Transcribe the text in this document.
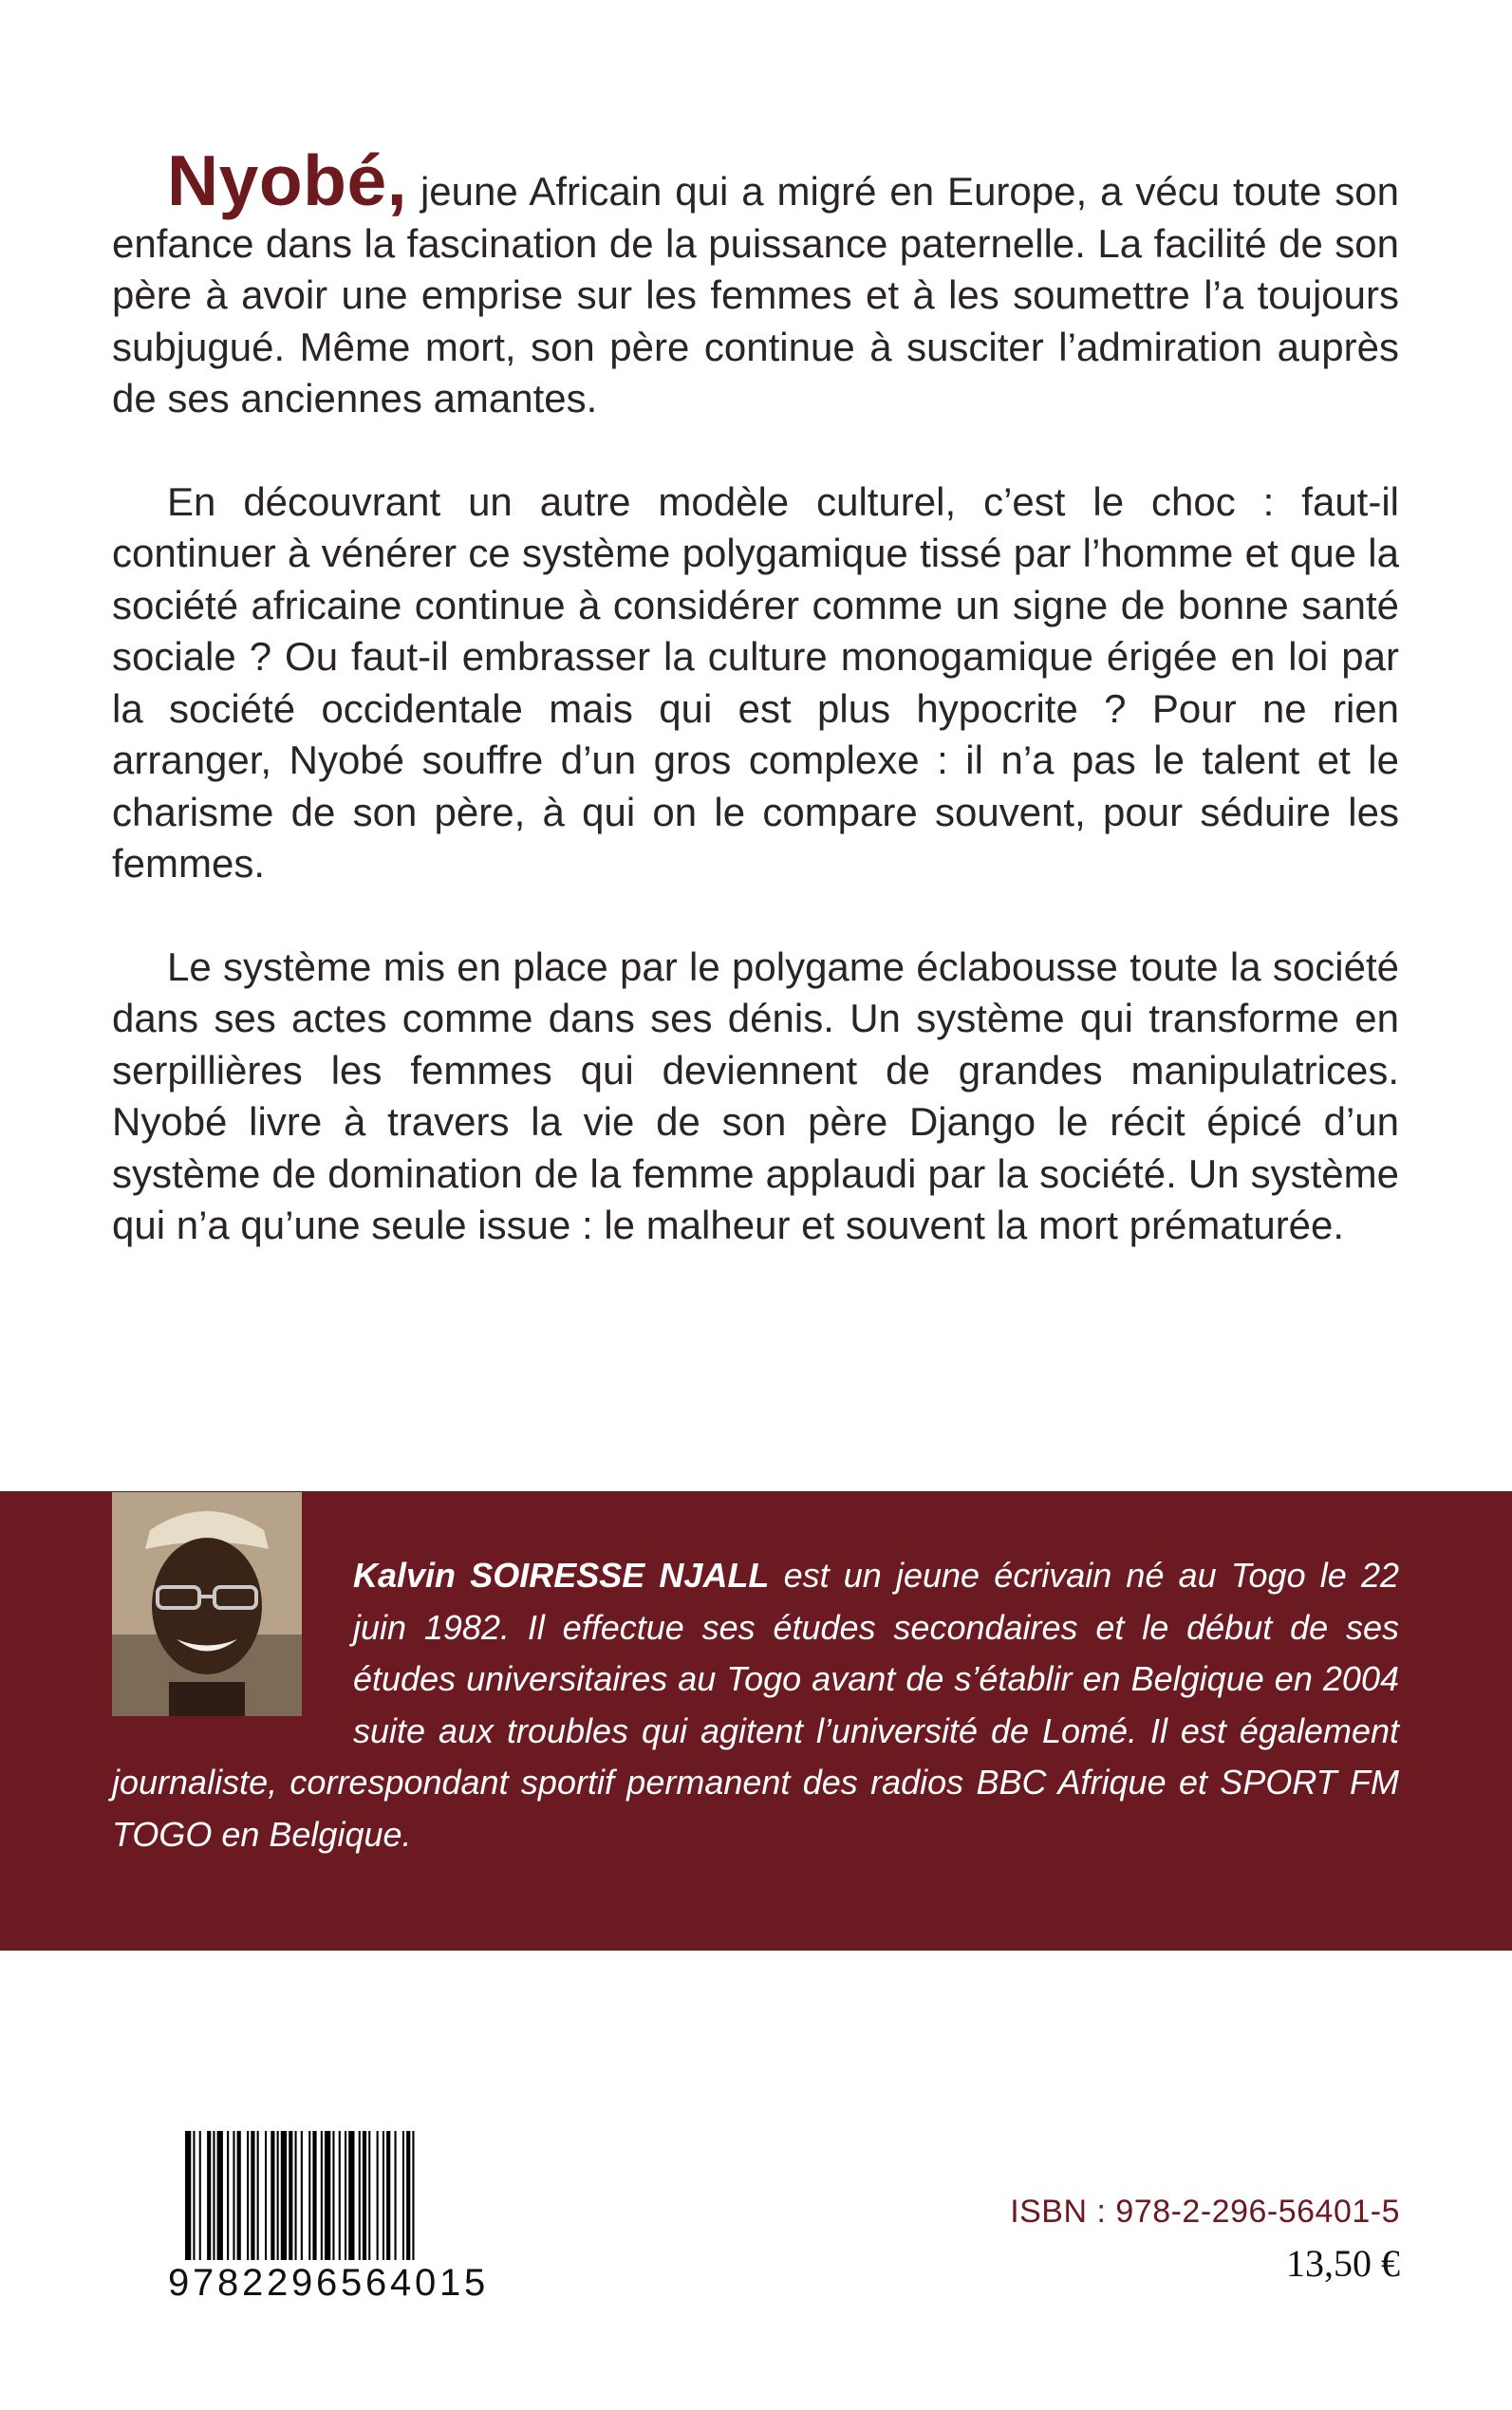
Nyobé, jeune Africain qui a migré en Europe, a vécu toute son enfance dans la fascination de la puissance paternelle. La facilité de son père à avoir une emprise sur les femmes et à les soumettre l’a toujours subjugué. Même mort, son père continue à susciter l’admiration auprès de ses anciennes amantes.

En découvrant un autre modèle culturel, c’est le choc : faut-il continuer à vénérer ce système polygamique tissé par l’homme et que la société africaine continue à considérer comme un signe de bonne santé sociale ? Ou faut-il embrasser la culture monogamique érigée en loi par la société occidentale mais qui est plus hypocrite ? Pour ne rien arranger, Nyobé souffre d’un gros complexe : il n’a pas le talent et le charisme de son père, à qui on le compare souvent, pour séduire les femmes.

Le système mis en place par le polygame éclabousse toute la société dans ses actes comme dans ses dénis. Un système qui transforme en serpillières les femmes qui deviennent de grandes manipulatrices. Nyobé livre à travers la vie de son père Django le récit épicé d’un système de domination de la femme applaudi par la société. Un système qui n’a qu’une seule issue : le malheur et souvent la mort prématurée.

Kalvin SOIRESSE NJALL est un jeune écrivain né au Togo le 22 juin 1982. Il effectue ses études secondaires et le début de ses études universitaires au Togo avant de s’établir en Belgique en 2004 suite aux troubles qui agitent l’université de Lomé. Il est également journaliste, correspondant sportif permanent des radios BBC Afrique et SPORT FM TOGO en Belgique.

9 7 8 2 2 9 6 5 6 4 0 1 5
ISBN : 978-2-296-56401-5
13,50 €
